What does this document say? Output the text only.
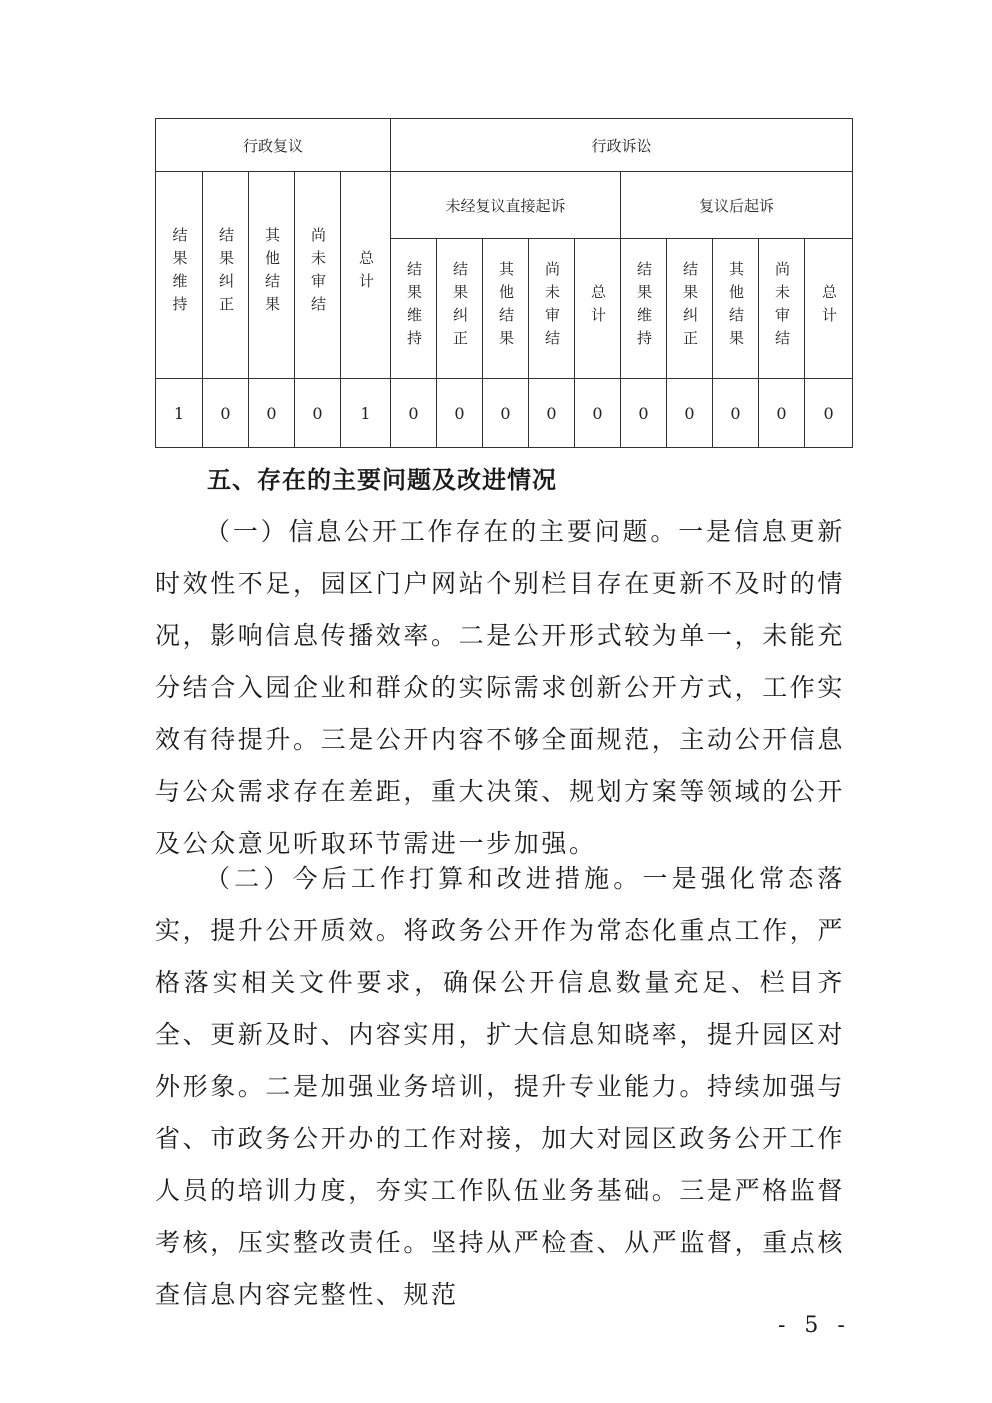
行政复议					行政诉讼									
结果维持	结果纠正	其他结果	尚未审结	总计	未经复议直接起诉					复议后起诉				
					结果维持	结果纠正	其他结果	尚未审结	总计	结果维持	结果纠正	其他结果	尚未审结	总计
1	0	0	0	1	0	0	0	0	0	0	0	0	0	0
五、存在的主要问题及改进情况

（一）信息公开工作存在的主要问题。一是信息更新时效性不足，园区门户网站个别栏目存在更新不及时的情况，影响信息传播效率。二是公开形式较为单一，未能充分结合入园企业和群众的实际需求创新公开方式，工作实效有待提升。三是公开内容不够全面规范，主动公开信息与公众需求存在差距，重大决策、规划方案等领域的公开及公众意见听取环节需进一步加强。

（二）今后工作打算和改进措施。一是强化常态落实，提升公开质效。将政务公开作为常态化重点工作，严格落实相关文件要求，确保公开信息数量充足、栏目齐全、更新及时、内容实用，扩大信息知晓率，提升园区对外形象。二是加强业务培训，提升专业能力。持续加强与省、市政务公开办的工作对接，加大对园区政务公开工作人员的培训力度，夯实工作队伍业务基础。三是严格监督考核，压实整改责任。坚持从严检查、从严监督，重点核查信息内容完整性、规范

- 5 -
